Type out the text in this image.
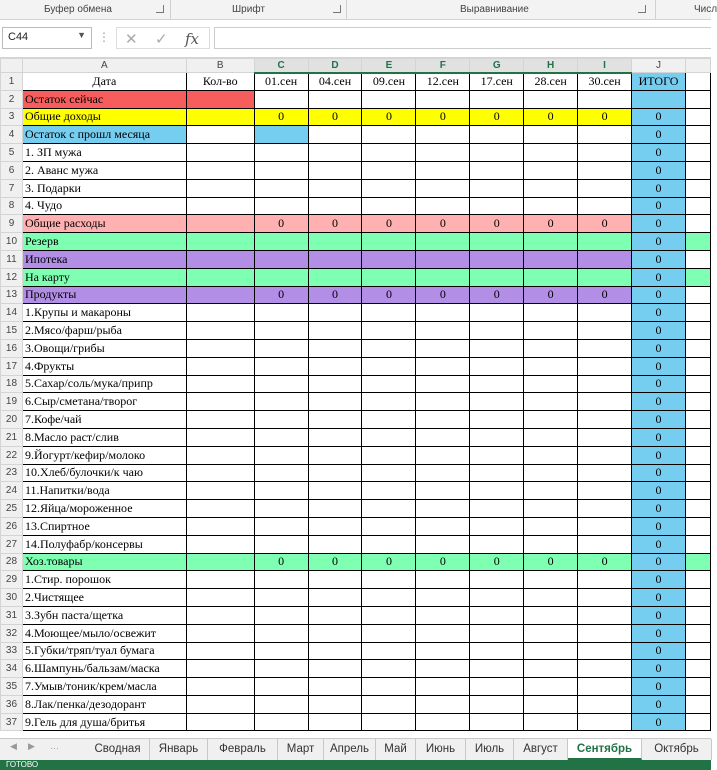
Буфер обмена	Шрифт	Выравнивание	Числ
C44	▼ ⋮ ✕ ✓ fx
	A	B	C	D	E	F	G	H	I	J	
1	Дата	Кол-во	01.сен	04.сен	09.сен	12.сен	17.сен	28.сен	30.сен	ИТОГО	
2	Остаток сейчас										
3	Общие доходы		0	0	0	0	0	0	0	0	
4	Остаток с прошл месяца									0	
5	1. ЗП мужа									0	
6	2. Аванс мужа									0	
7	3. Подарки									0	
8	4. Чудо									0	
9	Общие расходы		0	0	0	0	0	0	0	0	
10	Резерв									0	
11	Ипотека									0	
12	На карту									0	
13	Продукты		0	0	0	0	0	0	0	0	
14	1.Крупы и макароны									0	
15	2.Мясо/фарш/рыба									0	
16	3.Овощи/грибы									0	
17	4.Фрукты									0	
18	5.Сахар/соль/мука/припр									0	
19	6.Сыр/сметана/творог									0	
20	7.Кофе/чай									0	
21	8.Масло раст/слив									0	
22	9.Йогурт/кефир/молоко									0	
23	10.Хлеб/булочки/к чаю									0	
24	11.Напитки/вода									0	
25	12.Яйца/мороженное									0	
26	13.Спиртное									0	
27	14.Полуфабр/консервы									0	
28	Хоз.товары		0	0	0	0	0	0	0	0	
29	1.Стир. порошок									0	
30	2.Чистящее									0	
31	3.Зубн паста/щетка									0	
32	4.Моющее/мыло/освежит									0	
33	5.Губки/тряп/туал бумага									0	
34	6.Шампунь/бальзам/маска									0	
35	7.Умыв/тоник/крем/масла									0	
36	8.Лак/пенка/дезодорант									0	
37	9.Гель для душа/бритья									0	
◀ ▶ …	Сводная	Январь	Февраль	Март	Апрель	Май	Июнь	Июль	Август	Сентябрь	Октябрь
ГОТОВО
